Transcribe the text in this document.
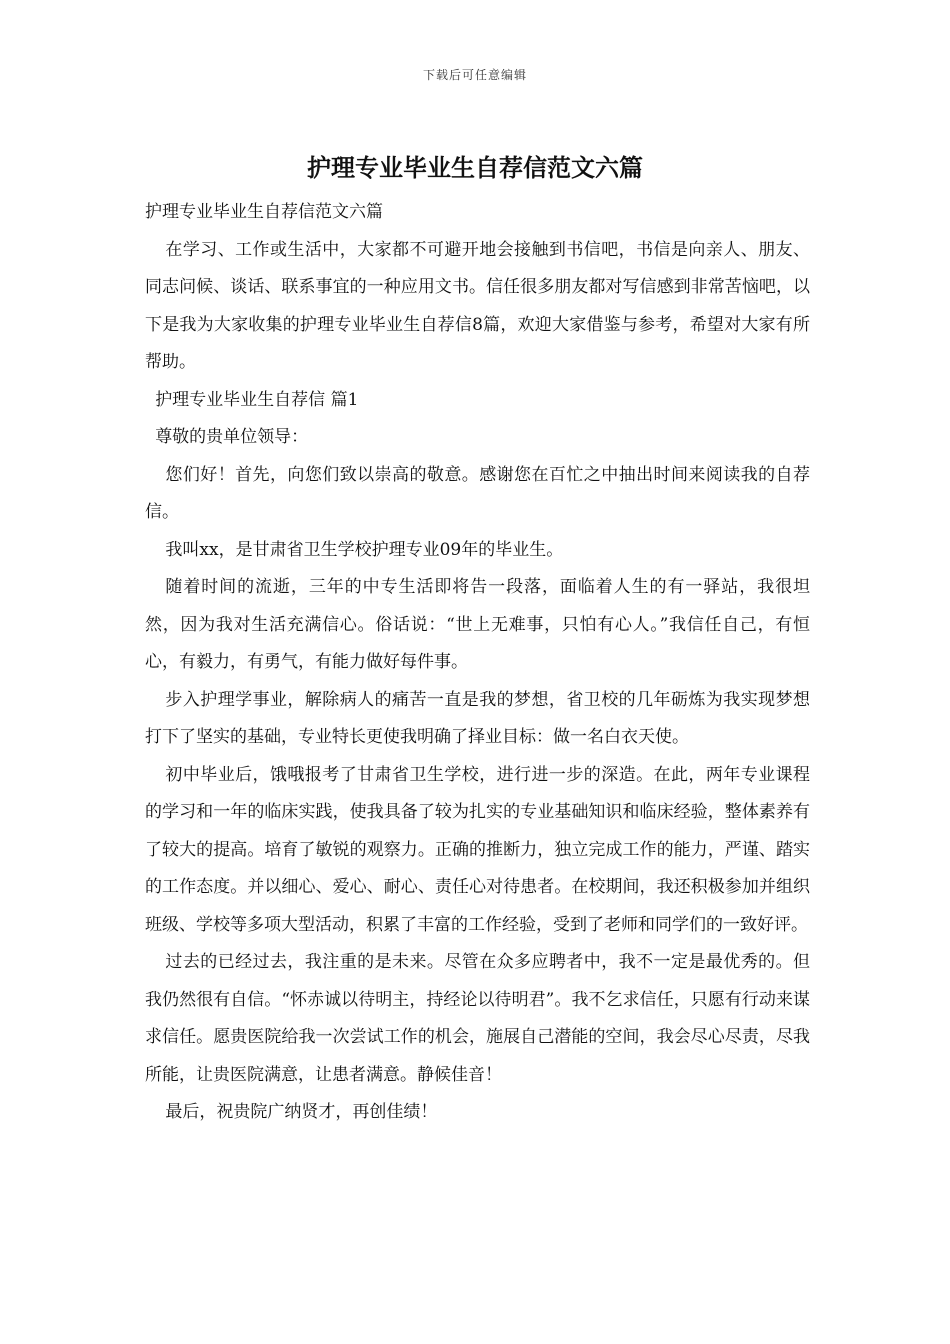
下载后可任意编辑
护理专业毕业生自荐信范文六篇

护理专业毕业生自荐信范文六篇

在学习、工作或生活中，大家都不可避开地会接触到书信吧，书信是向亲人、朋友、同志问候、谈话、联系事宜的一种应用文书。信任很多朋友都对写信感到非常苦恼吧，以下是我为大家收集的护理专业毕业生自荐信8篇，欢迎大家借鉴与参考，希望对大家有所帮助。

护理专业毕业生自荐信 篇1

尊敬的贵单位领导：

您们好！首先，向您们致以崇高的敬意。感谢您在百忙之中抽出时间来阅读我的自荐信。

我叫xx，是甘肃省卫生学校护理专业09年的毕业生。

随着时间的流逝，三年的中专生活即将告一段落，面临着人生的有一驿站，我很坦然，因为我对生活充满信心。俗话说：“世上无难事，只怕有心人。”我信任自己，有恒心，有毅力，有勇气，有能力做好每件事。

步入护理学事业，解除病人的痛苦一直是我的梦想，省卫校的几年砺炼为我实现梦想打下了坚实的基础，专业特长更使我明确了择业目标：做一名白衣天使。

初中毕业后，饿哦报考了甘肃省卫生学校，进行进一步的深造。在此，两年专业课程的学习和一年的临床实践，使我具备了较为扎实的专业基础知识和临床经验，整体素养有了较大的提高。培育了敏锐的观察力。正确的推断力，独立完成工作的能力，严谨、踏实的工作态度。并以细心、爱心、耐心、责任心对待患者。在校期间，我还积极参加并组织班级、学校等多项大型活动，积累了丰富的工作经验，受到了老师和同学们的一致好评。

过去的已经过去，我注重的是未来。尽管在众多应聘者中，我不一定是最优秀的。但我仍然很有自信。“怀赤诚以待明主，持经论以待明君”。我不乞求信任，只愿有行动来谋求信任。愿贵医院给我一次尝试工作的机会，施展自己潜能的空间，我会尽心尽责，尽我所能，让贵医院满意，让患者满意。静候佳音！

最后，祝贵院广纳贤才，再创佳绩！
